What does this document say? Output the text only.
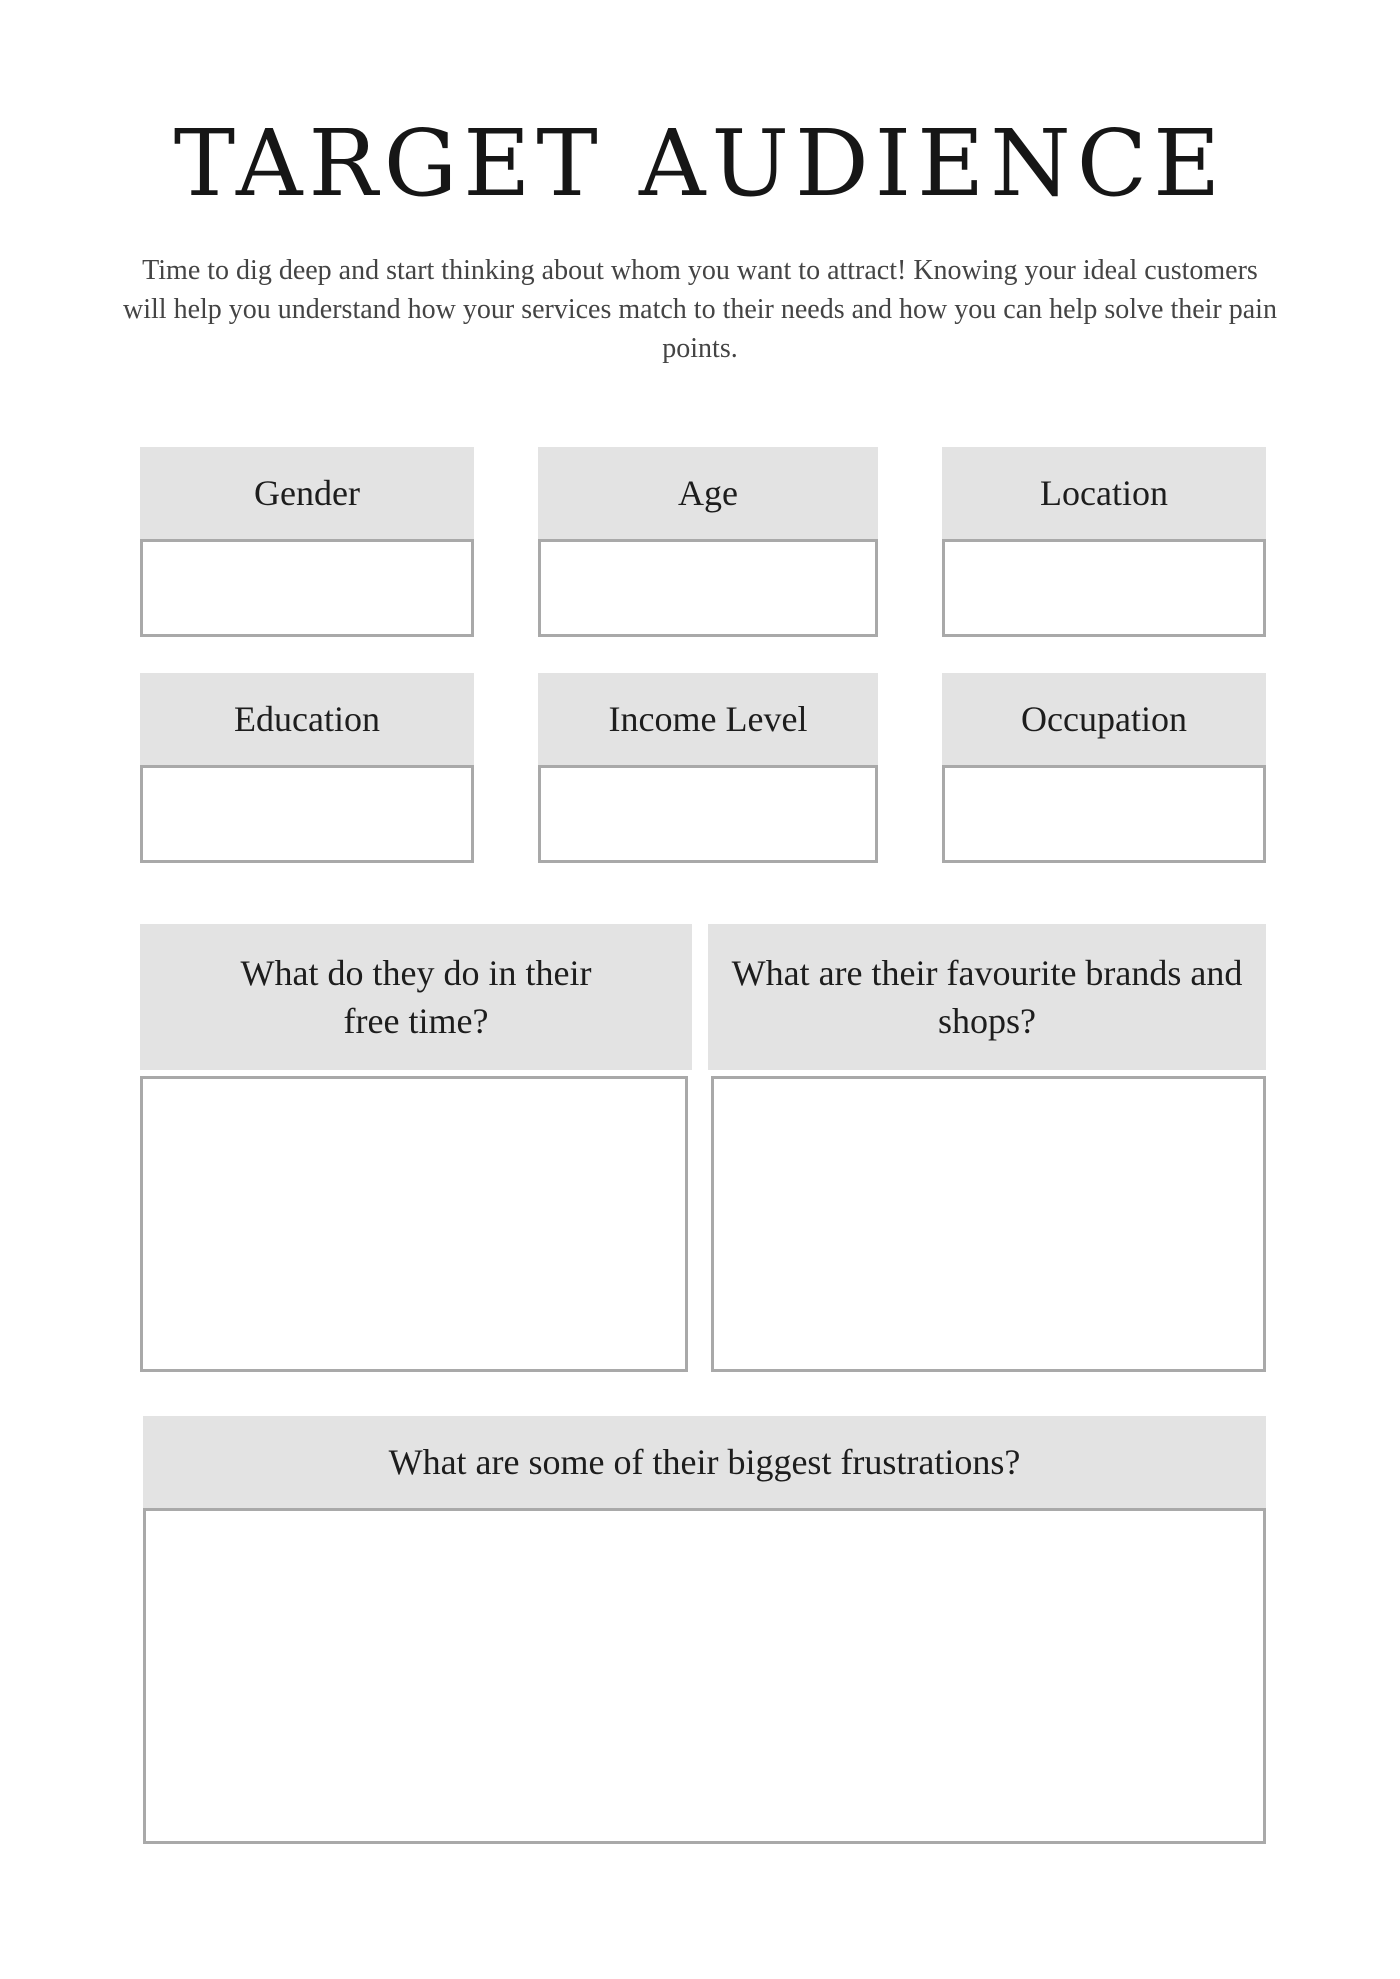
TARGET AUDIENCE

Time to dig deep and start thinking about whom you want to attract! Knowing your ideal customers will help you understand how your services match to their needs and how you can help solve their pain points.

Gender	Age	Location
Education	Income Level	Occupation
What do they do in their free time?
What are their favourite brands and shops?
What are some of their biggest frustrations?
